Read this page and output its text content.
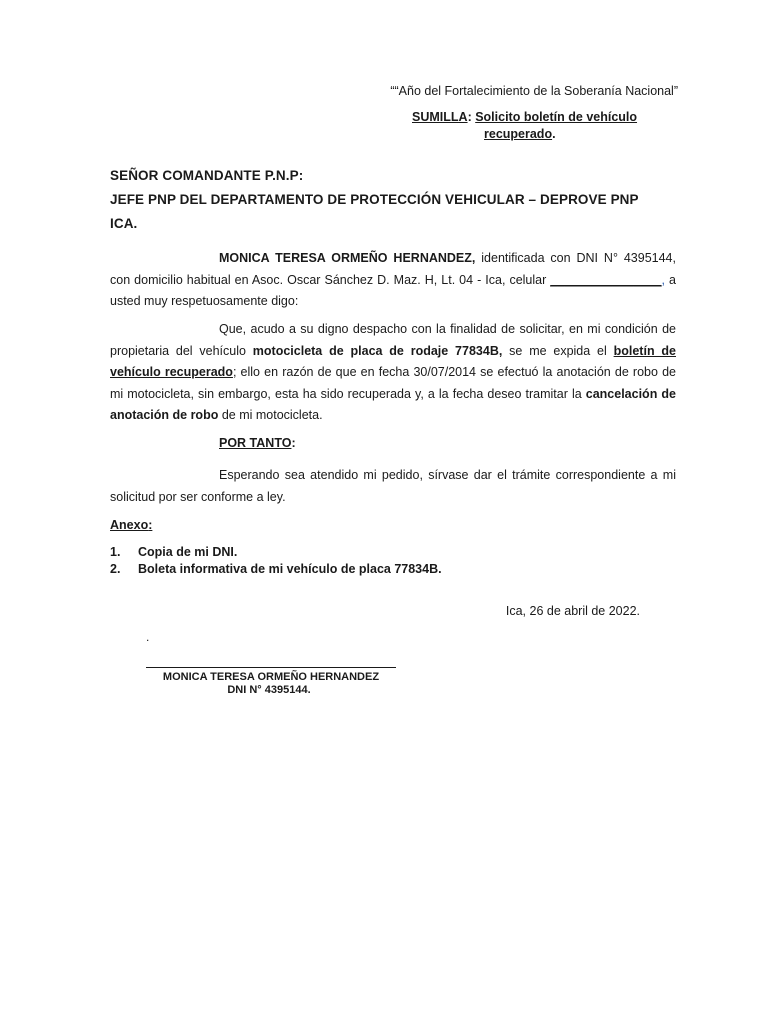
““Año del Fortalecimiento de la Soberanía Nacional”
SUMILLA: Solicito boletín de vehículo
recuperado.
SEÑOR COMANDANTE P.N.P:
JEFE PNP DEL DEPARTAMENTO DE PROTECCIÓN VEHICULAR – DEPROVE PNP
ICA.
MONICA TERESA ORMEÑO HERNANDEZ, identificada con DNI N° 4395144, con domicilio habitual en Asoc. Oscar Sánchez D. Maz. H, Lt. 04 - Ica, celular ________________, a usted muy respetuosamente digo:
Que, acudo a su digno despacho con la finalidad de solicitar, en mi condición de propietaria del vehículo motocicleta de placa de rodaje 77834B, se me expida el boletín de vehículo recuperado; ello en razón de que en fecha 30/07/2014 se efectuó la anotación de robo de mi motocicleta, sin embargo, esta ha sido recuperada y, a la fecha deseo tramitar la cancelación de anotación de robo de mi motocicleta.
POR TANTO:
Esperando sea atendido mi pedido, sírvase dar el trámite correspondiente a mi solicitud por ser conforme a ley.
Anexo:
1.	Copia de mi DNI.
2.	Boleta informativa de mi vehículo de placa 77834B.
Ica, 26 de abril de 2022.
.
MONICA TERESA ORMEÑO HERNANDEZ
DNI N° 4395144.
